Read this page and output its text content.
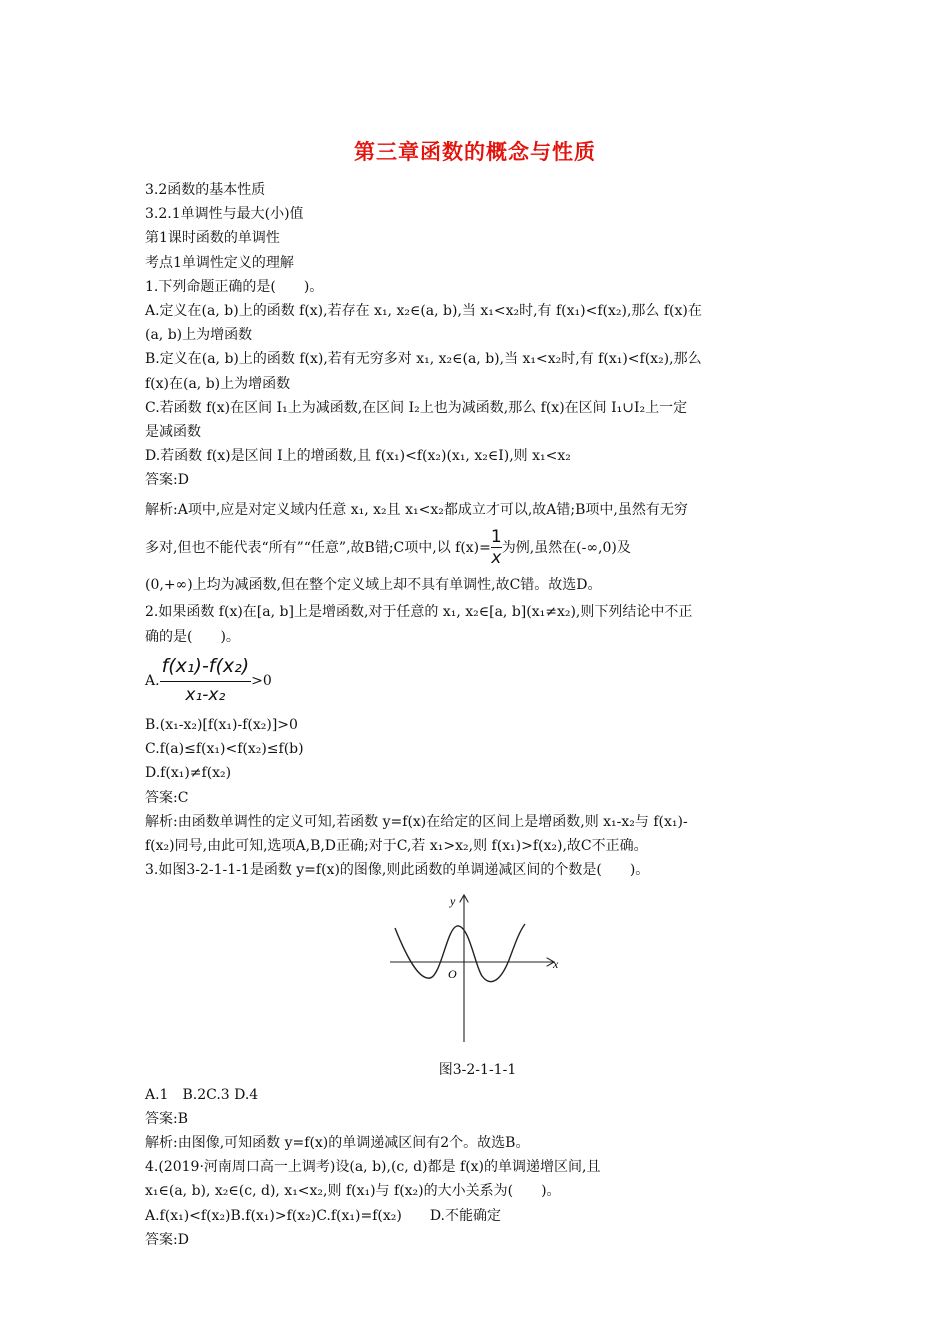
第三章函数的概念与性质

3.2函数的基本性质

3.2.1单调性与最大(小)值

第1课时函数的单调性

考点1单调性定义的理解

1.下列命题正确的是(　　)。

A.定义在(a, b)上的函数 f(x),若存在 x₁, x₂∈(a, b),当 x₁<x₂时,有 f(x₁)<f(x₂),那么 f(x)在

(a, b)上为增函数

B.定义在(a, b)上的函数 f(x),若有无穷多对 x₁, x₂∈(a, b),当 x₁<x₂时,有 f(x₁)<f(x₂),那么

f(x)在(a, b)上为增函数

C.若函数 f(x)在区间 I₁上为减函数,在区间 I₂上也为减函数,那么 f(x)在区间 I₁∪I₂上一定

是减函数

D.若函数 f(x)是区间 I上的增函数,且 f(x₁)<f(x₂)(x₁, x₂∈I),则 x₁<x₂

答案:D

解析:A项中,应是对定义域内任意 x₁, x₂且 x₁<x₂都成立才可以,故A错;B项中,虽然有无穷

多对,但也不能代表“所有”“任意”,故B错;C项中,以 $f(x)= \frac{1}{x}$ 为例,虽然在(-∞,0)及

(0,+∞)上均为减函数,但在整个定义域上却不具有单调性,故C错。故选D。

2.如果函数 f(x)在[a, b]上是增函数,对于任意的 x₁, x₂∈[a, b](x₁≠x₂),则下列结论中不正

确的是(　　)。

A. $\frac{\text{f(x₁)-f(x₂)}}{\text{x₁-x₂}} >0$

B.(x₁-x₂)[f(x₁)-f(x₂)]>0

C.f(a)≤f(x₁)<f(x₂)≤f(b)

D.f(x₁)≠f(x₂)

答案:C

解析:由函数单调性的定义可知,若函数 y=f(x)在给定的区间上是增函数,则 x₁-x₂与 f(x₁)-

f(x₂)同号,由此可知,选项A,B,D正确;对于C,若 x₁>x₂,则 f(x₁)>f(x₂),故C不正确。

3.如图3-2-1-1-1是函数 y=f(x)的图像,则此函数的单调递减区间的个数是(　　)。

y
x
O

图3-2-1-1-1

A.1　B.2C.3 D.4

答案:B

解析:由图像,可知函数 y=f(x)的单调递减区间有2个。故选B。

4.(2019·河南周口高一上调考)设(a, b),(c, d)都是 f(x)的单调递增区间,且

x₁∈(a, b), x₂∈(c, d), x₁<x₂,则 f(x₁)与 f(x₂)的大小关系为(　　)。

A.f(x₁)<f(x₂)B.f(x₁)>f(x₂)C.f(x₁)=f(x₂)　　D.不能确定

答案:D
